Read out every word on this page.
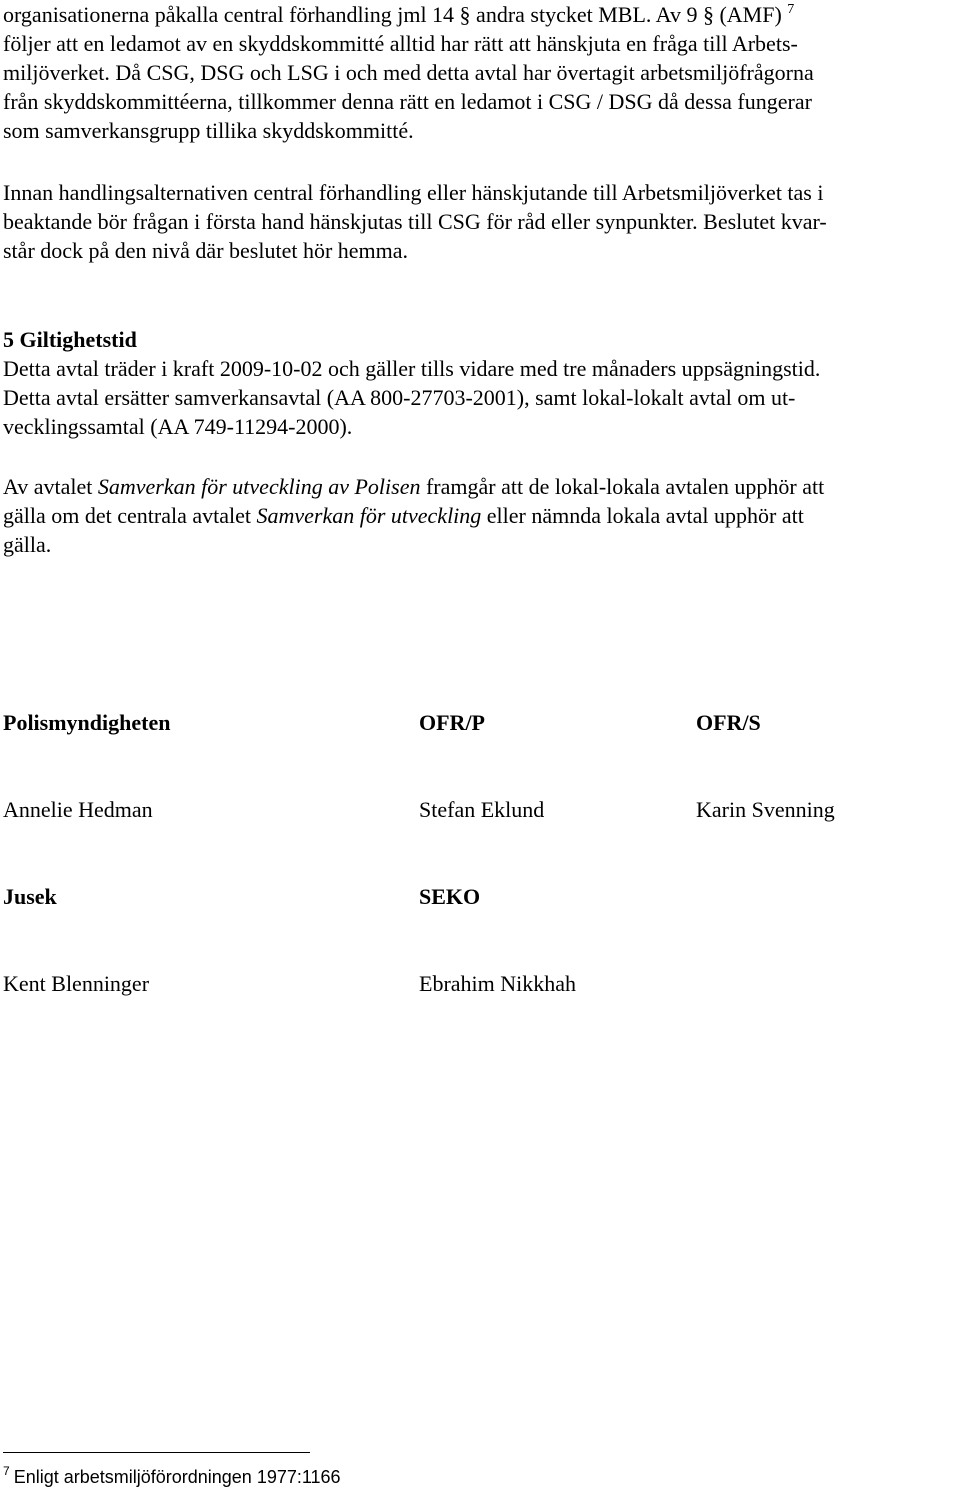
organisationerna påkalla central förhandling jml 14 § andra stycket MBL. Av 9 § (AMF) $^7$
följer att en ledamot av en skyddskommitté alltid har rätt att hänskjuta en fråga till Arbets-
miljöverket. Då CSG, DSG och LSG i och med detta avtal har övertagit arbetsmiljöfrågorna
från skyddskommittéerna, tillkommer denna rätt en ledamot i CSG / DSG då dessa fungerar
som samverkansgrupp tillika skyddskommitté.

Innan handlingsalternativen central förhandling eller hänskjutande till Arbetsmiljöverket tas i
beaktande bör frågan i första hand hänskjutas till CSG för råd eller synpunkter. Beslutet kvar-
står dock på den nivå där beslutet hör hemma.

5 Giltighetstid
Detta avtal träder i kraft 2009-10-02 och gäller tills vidare med tre månaders uppsägningstid.
Detta avtal ersätter samverkansavtal (AA 800-27703-2001), samt lokal-lokalt avtal om ut-
vecklingssamtal (AA 749-11294-2000).

Av avtalet Samverkan för utveckling av Polisen framgår att de lokal-lokala avtalen upphör att
gälla om det centrala avtalet Samverkan för utveckling eller nämnda lokala avtal upphör att
gälla.

Polismyndigheten	OFR/P	OFR/S

Annelie Hedman	Stefan Eklund	Karin Svenning

Jusek	SEKO

Kent Blenninger	Ebrahim Nikkhah

$^7$ Enligt arbetsmiljöförordningen 1977:1166
